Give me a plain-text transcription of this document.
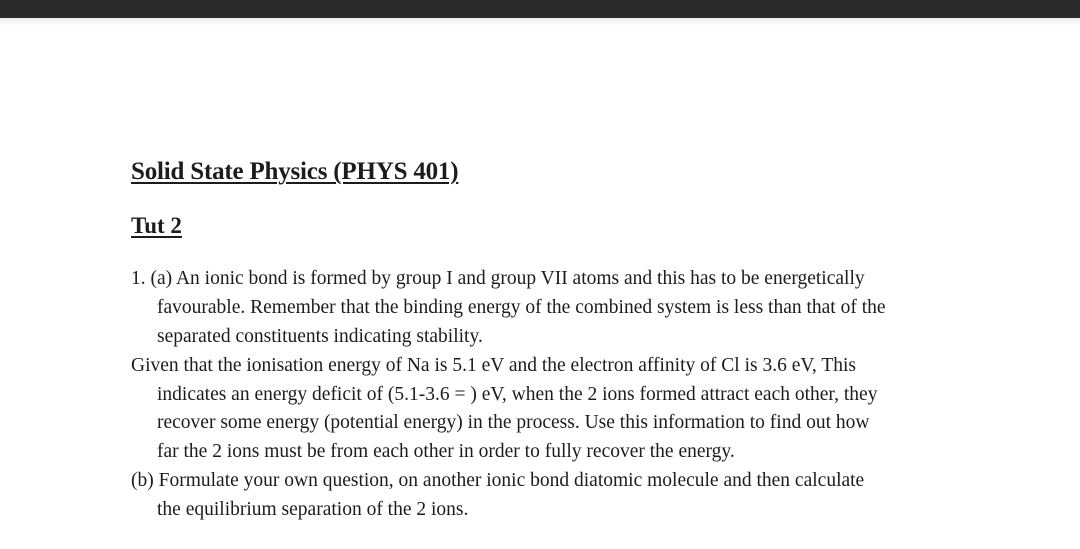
Solid State Physics (PHYS 401)
Tut 2
1. (a) An ionic bond is formed by group I and group VII atoms and this has to be energetically
favourable. Remember that the binding energy of the combined system is less than that of the
separated constituents indicating stability.
Given that the ionisation energy of Na is 5.1 eV and the electron affinity of Cl is 3.6 eV, This
indicates an energy deficit of (5.1-3.6 = ) eV, when the 2 ions formed attract each other, they
recover some energy (potential energy) in the process. Use this information to find out how
far the 2 ions must be from each other in order to fully recover the energy.
(b) Formulate your own question, on another ionic bond diatomic molecule and then calculate
the equilibrium separation of the 2 ions.
